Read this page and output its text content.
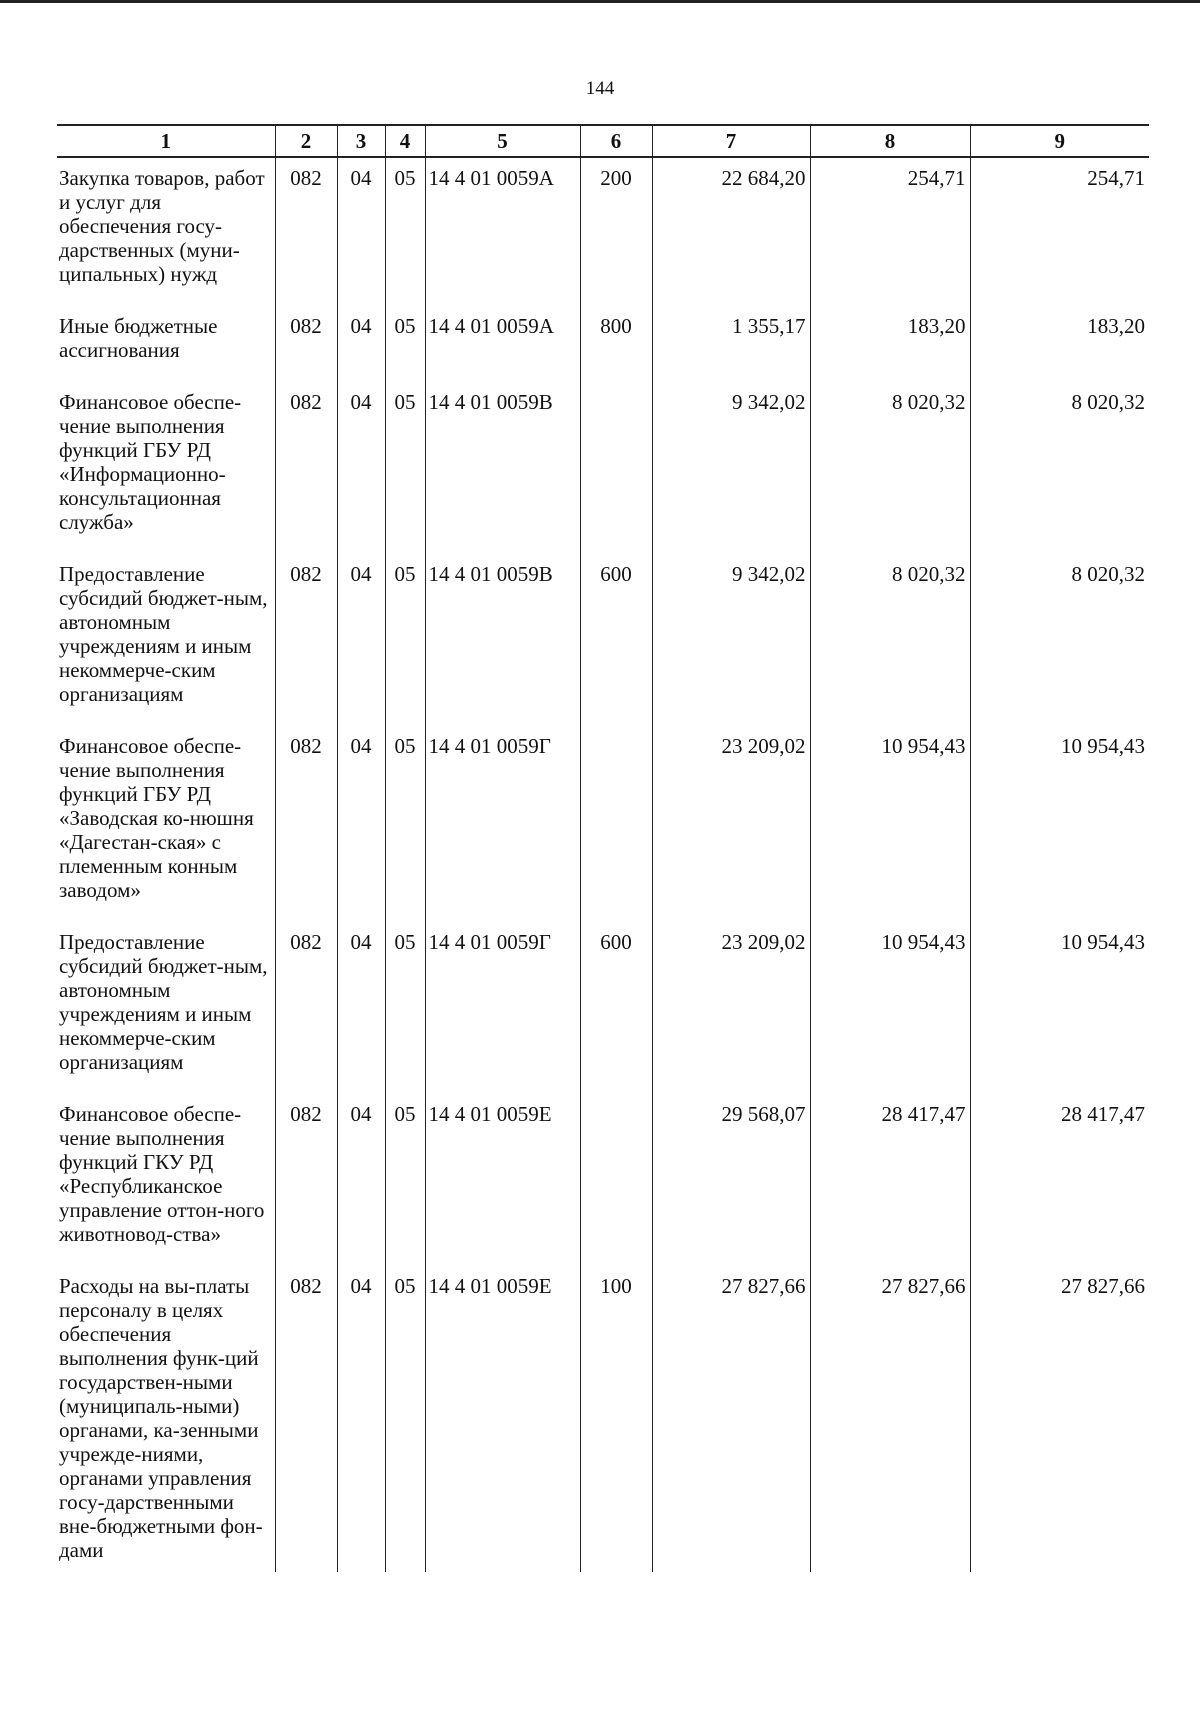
144
1	2	3	4	5	6	7	8	9
Закупка товаров, работ и услуг для обеспечения госу-дарственных (муни-ципальных) нужд	082	04	05	14 4 01 0059А	200	22 684,20	254,71	254,71
Иные бюджетные ассигнования	082	04	05	14 4 01 0059А	800	1 355,17	183,20	183,20
Финансовое обеспе-чение выполнения функций ГБУ РД «Информационно-консультационная служба»	082	04	05	14 4 01 0059В		9 342,02	8 020,32	8 020,32
Предоставление субсидий бюджет-ным, автономным учреждениям и иным некоммерче-ским организациям	082	04	05	14 4 01 0059В	600	9 342,02	8 020,32	8 020,32
Финансовое обеспе-чение выполнения функций ГБУ РД «Заводская ко-нюшня «Дагестан-ская» с племенным конным заводом»	082	04	05	14 4 01 0059Г		23 209,02	10 954,43	10 954,43
Предоставление субсидий бюджет-ным, автономным учреждениям и иным некоммерче-ским организациям	082	04	05	14 4 01 0059Г	600	23 209,02	10 954,43	10 954,43
Финансовое обеспе-чение выполнения функций ГКУ РД «Республиканское управление оттон-ного животновод-ства»	082	04	05	14 4 01 0059Е		29 568,07	28 417,47	28 417,47
Расходы на вы-платы персоналу в целях обеспечения выполнения функ-ций государствен-ными (муниципаль-ными) органами, ка-зенными учрежде-ниями, органами управления госу-дарственными вне-бюджетными фон-дами	082	04	05	14 4 01 0059Е	100	27 827,66	27 827,66	27 827,66
